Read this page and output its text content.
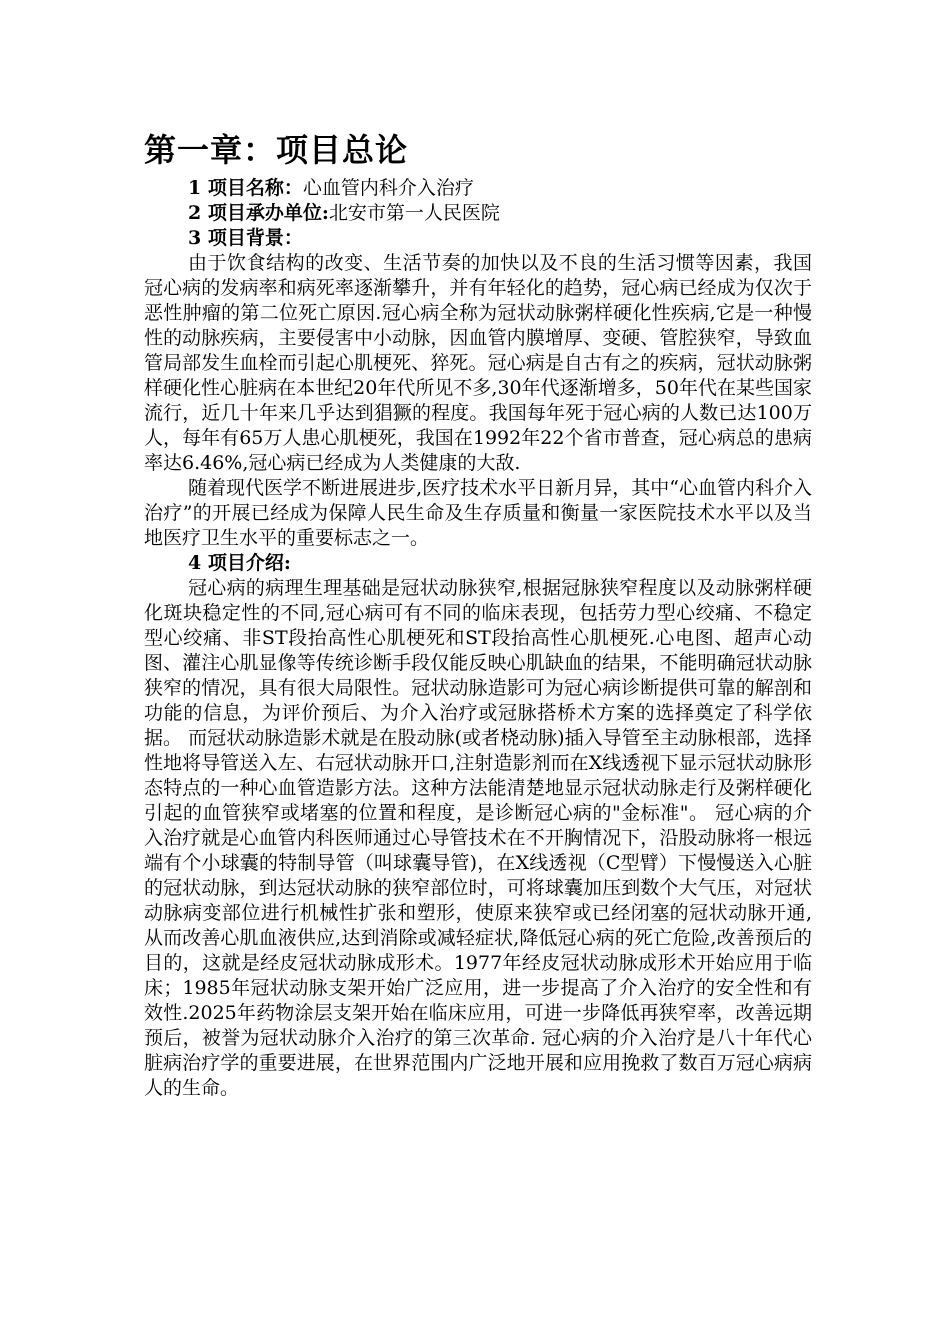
第一章：项目总论
1 项目名称：心血管内科介入治疗
2 项目承办单位:北安市第一人民医院
3 项目背景：

由于饮食结构的改变、生活节奏的加快以及不良的生活习惯等因素，我国冠心病的发病率和病死率逐渐攀升，并有年轻化的趋势，冠心病已经成为仅次于恶性肿瘤的第二位死亡原因.冠心病全称为冠状动脉粥样硬化性疾病,它是一种慢性的动脉疾病，主要侵害中小动脉，因血管内膜增厚、变硬、管腔狭窄，导致血管局部发生血栓而引起心肌梗死、猝死。冠心病是自古有之的疾病，冠状动脉粥样硬化性心脏病在本世纪20年代所见不多,30年代逐渐增多，50年代在某些国家流行，近几十年来几乎达到猖獗的程度。我国每年死于冠心病的人数已达100万人，每年有65万人患心肌梗死，我国在1992年22个省市普查，冠心病总的患病率达6.46%,冠心病已经成为人类健康的大敌.

随着现代医学不断进展进步,医疗技术水平日新月异，其中“心血管内科介入治疗”的开展已经成为保障人民生命及生存质量和衡量一家医院技术水平以及当地医疗卫生水平的重要标志之一。

4 项目介绍:

冠心病的病理生理基础是冠状动脉狭窄,根据冠脉狭窄程度以及动脉粥样硬化斑块稳定性的不同,冠心病可有不同的临床表现，包括劳力型心绞痛、不稳定型心绞痛、非ST段抬高性心肌梗死和ST段抬高性心肌梗死.心电图、超声心动图、灌注心肌显像等传统诊断手段仅能反映心肌缺血的结果，不能明确冠状动脉狭窄的情况，具有很大局限性。冠状动脉造影可为冠心病诊断提供可靠的解剖和功能的信息，为评价预后、为介入治疗或冠脉搭桥术方案的选择奠定了科学依据。 而冠状动脉造影术就是在股动脉(或者桡动脉)插入导管至主动脉根部，选择性地将导管送入左、右冠状动脉开口,注射造影剂而在X线透视下显示冠状动脉形态特点的一种心血管造影方法。这种方法能清楚地显示冠状动脉走行及粥样硬化引起的血管狭窄或堵塞的位置和程度，是诊断冠心病的"金标准"。 冠心病的介入治疗就是心血管内科医师通过心导管技术在不开胸情况下，沿股动脉将一根远端有个小球囊的特制导管（叫球囊导管)，在X线透视（C型臂）下慢慢送入心脏的冠状动脉，到达冠状动脉的狭窄部位时，可将球囊加压到数个大气压，对冠状动脉病变部位进行机械性扩张和塑形，使原来狭窄或已经闭塞的冠状动脉开通,从而改善心肌血液供应,达到消除或减轻症状,降低冠心病的死亡危险,改善预后的目的，这就是经皮冠状动脉成形术。1977年经皮冠状动脉成形术开始应用于临床；1985年冠状动脉支架开始广泛应用，进一步提高了介入治疗的安全性和有效性.2025年药物涂层支架开始在临床应用，可进一步降低再狭窄率，改善远期预后，被誉为冠状动脉介入治疗的第三次革命. 冠心病的介入治疗是八十年代心脏病治疗学的重要进展，在世界范围内广泛地开展和应用挽救了数百万冠心病病人的生命。
